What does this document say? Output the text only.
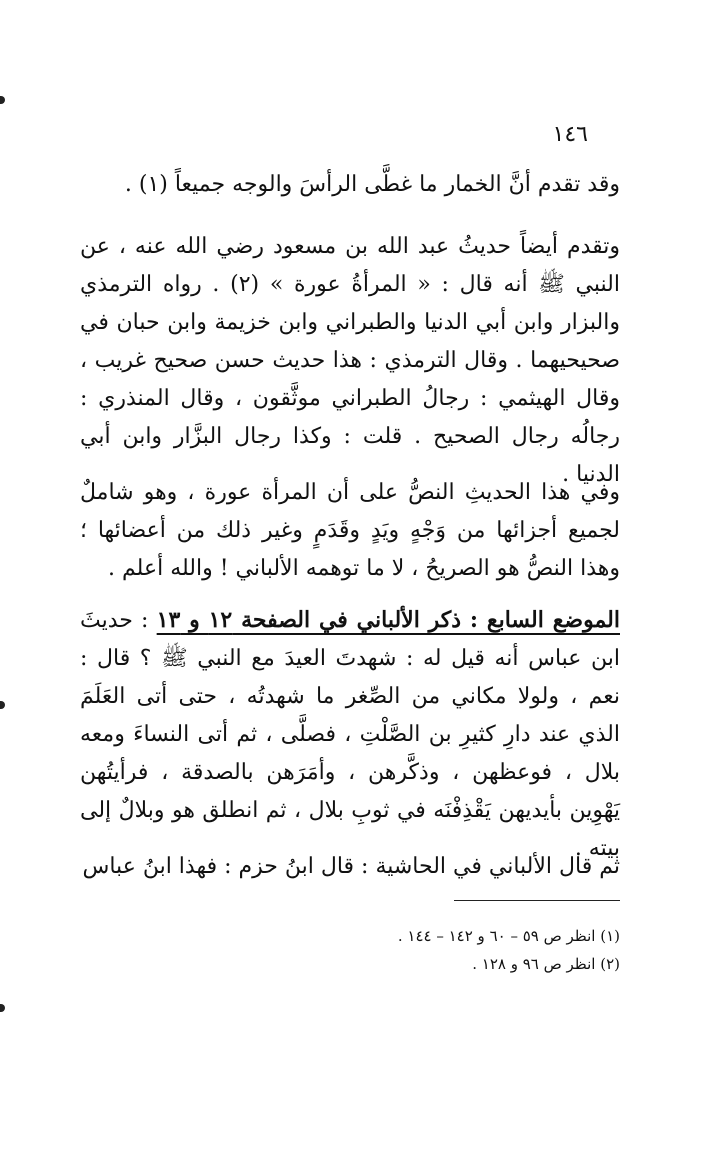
١٤٦

وقد تقدم أنَّ الخمار ما غطَّى الرأسَ والوجه جميعاً (١) .

وتقدم أيضاً حديثُ عبد الله بن مسعود رضي الله عنه ، عن النبي ﷺ أنه قال : « المرأةُ عورة » (٢) . رواه الترمذي والبزار وابن أبي الدنيا والطبراني وابن خزيمة وابن حبان في صحيحيهما . وقال الترمذي : هذا حديث حسن صحيح غريب ، وقال الهيثمي : رجالُ الطبراني موثَّقون ، وقال المنذري : رجالُه رجال الصحيح . قلت : وكذا رجال البزَّار وابن أبي الدنيا .

وفي هذا الحديثِ النصُّ على أن المرأة عورة ، وهو شاملٌ لجميع أجزائها من وَجْهٍ ويَدٍ وقَدَمٍ وغير ذلك من أعضائها ؛ وهذا النصُّ هو الصريحُ ، لا ما توهمه الألباني ! والله أعلم .

الموضع السابع : ذكر الألباني في الصفحة ١٢ و ١٣ : حديثَ ابن عباس أنه قيل له : شهدتَ العيدَ مع النبي ﷺ ؟ قال : نعم ، ولولا مكاني من الصِّغر ما شهدتُه ، حتى أتى العَلَمَ الذي عند دارِ كثيرِ بن الصَّلْتِ ، فصلَّى ، ثم أتى النساءَ ومعه بلال ، فوعظهن ، وذكَّرهن ، وأمَرَهن بالصدقة ، فرأيتُهن يَهْوِين بأيديهن يَقْذِفْنَه في ثوبِ بلال ، ثم انطلق هو وبلالٌ إلى بيته .

ثم قال الألباني في الحاشية : قال ابنُ حزم : فهذا ابنُ عباس

(١) انظر ص ٥٩ – ٦٠ و ١٤٢ – ١٤٤ .
(٢) انظر ص ٩٦ و ١٢٨ .
